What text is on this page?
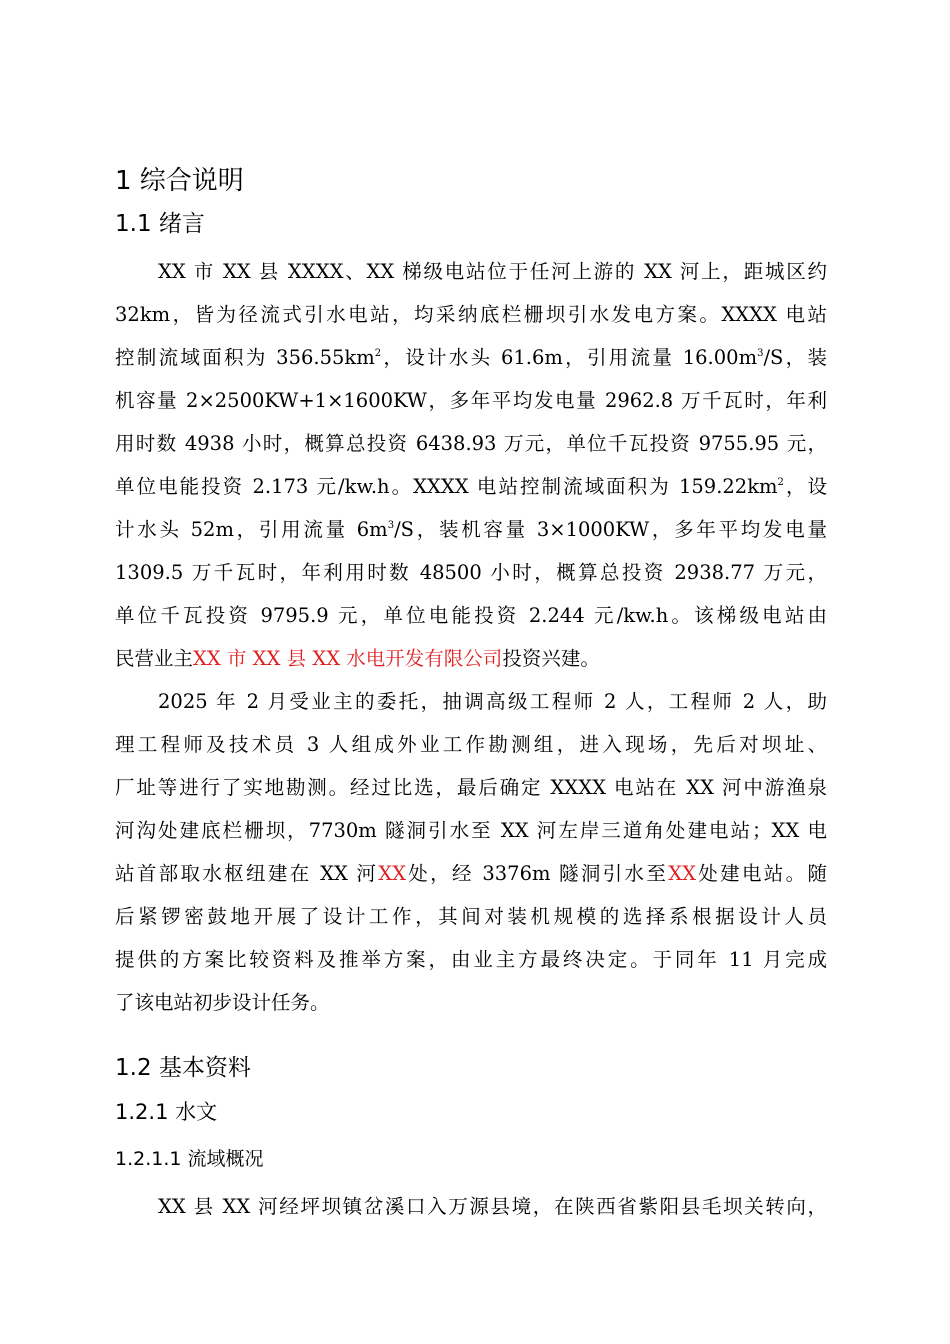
1 综合说明
1.1 绪言
XX 市 XX 县 XXXX、XX 梯级电站位于任河上游的 XX 河上，距城区约
32km，皆为径流式引水电站，均采纳底栏栅坝引水发电方案。XXXX 电站
控制流域面积为 $356.55km^2$，设计水头 61.6m，引用流量 $16.00m^3/S$，装
机容量 2×2500KW+1×1600KW，多年平均发电量 2962.8 万千瓦时，年利
用时数 4938 小时，概算总投资 6438.93 万元，单位千瓦投资 9755.95 元，
单位电能投资 2.173 元/kw.h。XXXX 电站控制流域面积为 $159.22km^2$，设
计水头 52m，引用流量 $6m^3/S$，装机容量 3×1000KW，多年平均发电量
1309.5 万千瓦时，年利用时数 48500 小时，概算总投资 2938.77 万元，
单位千瓦投资 9795.9 元，单位电能投资 2.244 元/kw.h。该梯级电站由
民营业主XX 市 XX 县 XX 水电开发有限公司投资兴建。
2025 年 2 月受业主的委托，抽调高级工程师 2 人，工程师 2 人，助
理工程师及技术员 3 人组成外业工作勘测组，进入现场，先后对坝址、
厂址等进行了实地勘测。经过比选，最后确定 XXXX 电站在 XX 河中游渔泉
河沟处建底栏栅坝，7730m 隧洞引水至 XX 河左岸三道角处建电站；XX 电
站首部取水枢纽建在 XX 河XX处，经 3376m 隧洞引水至XX处建电站。随
后紧锣密鼓地开展了设计工作，其间对装机规模的选择系根据设计人员
提供的方案比较资料及推举方案，由业主方最终决定。于同年 11 月完成
了该电站初步设计任务。
1.2 基本资料
1.2.1 水文
1.2.1.1 流域概况
XX 县 XX 河经坪坝镇岔溪口入万源县境，在陕西省紫阳县毛坝关转向，
